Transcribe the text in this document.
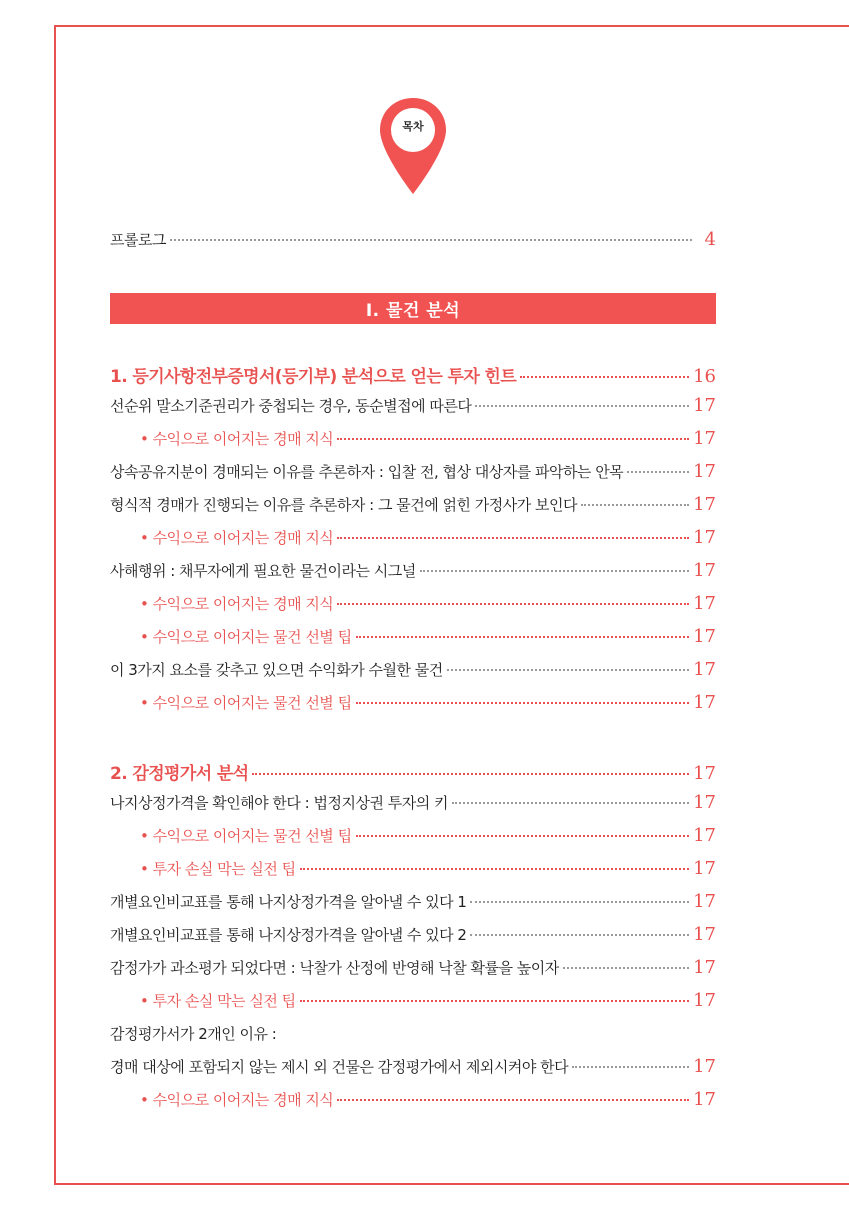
목차
프롤로그	4
Ⅰ. 물건 분석
1. 등기사항전부증명서(등기부) 분석으로 얻는 투자 힌트	16
선순위 말소기준권리가 중첩되는 경우, 동순별접에 따른다	17
• 수익으로 이어지는 경매 지식	17
상속공유지분이 경매되는 이유를 추론하자 : 입찰 전, 협상 대상자를 파악하는 안목	17
형식적 경매가 진행되는 이유를 추론하자 : 그 물건에 얽힌 가정사가 보인다	17
• 수익으로 이어지는 경매 지식	17
사해행위 : 채무자에게 필요한 물건이라는 시그널	17
• 수익으로 이어지는 경매 지식	17
• 수익으로 이어지는 물건 선별 팁	17
이 3가지 요소를 갖추고 있으면 수익화가 수월한 물건	17
• 수익으로 이어지는 물건 선별 팁	17
2. 감정평가서 분석	17
나지상정가격을 확인해야 한다 : 법정지상권 투자의 키	17
• 수익으로 이어지는 물건 선별 팁	17
• 투자 손실 막는 실전 팁	17
개별요인비교표를 통해 나지상정가격을 알아낼 수 있다 1	17
개별요인비교표를 통해 나지상정가격을 알아낼 수 있다 2	17
감정가가 과소평가 되었다면 : 낙찰가 산정에 반영해 낙찰 확률을 높이자	17
• 투자 손실 막는 실전 팁	17
감정평가서가 2개인 이유 :
경매 대상에 포함되지 않는 제시 외 건물은 감정평가에서 제외시켜야 한다	17
• 수익으로 이어지는 경매 지식	17
